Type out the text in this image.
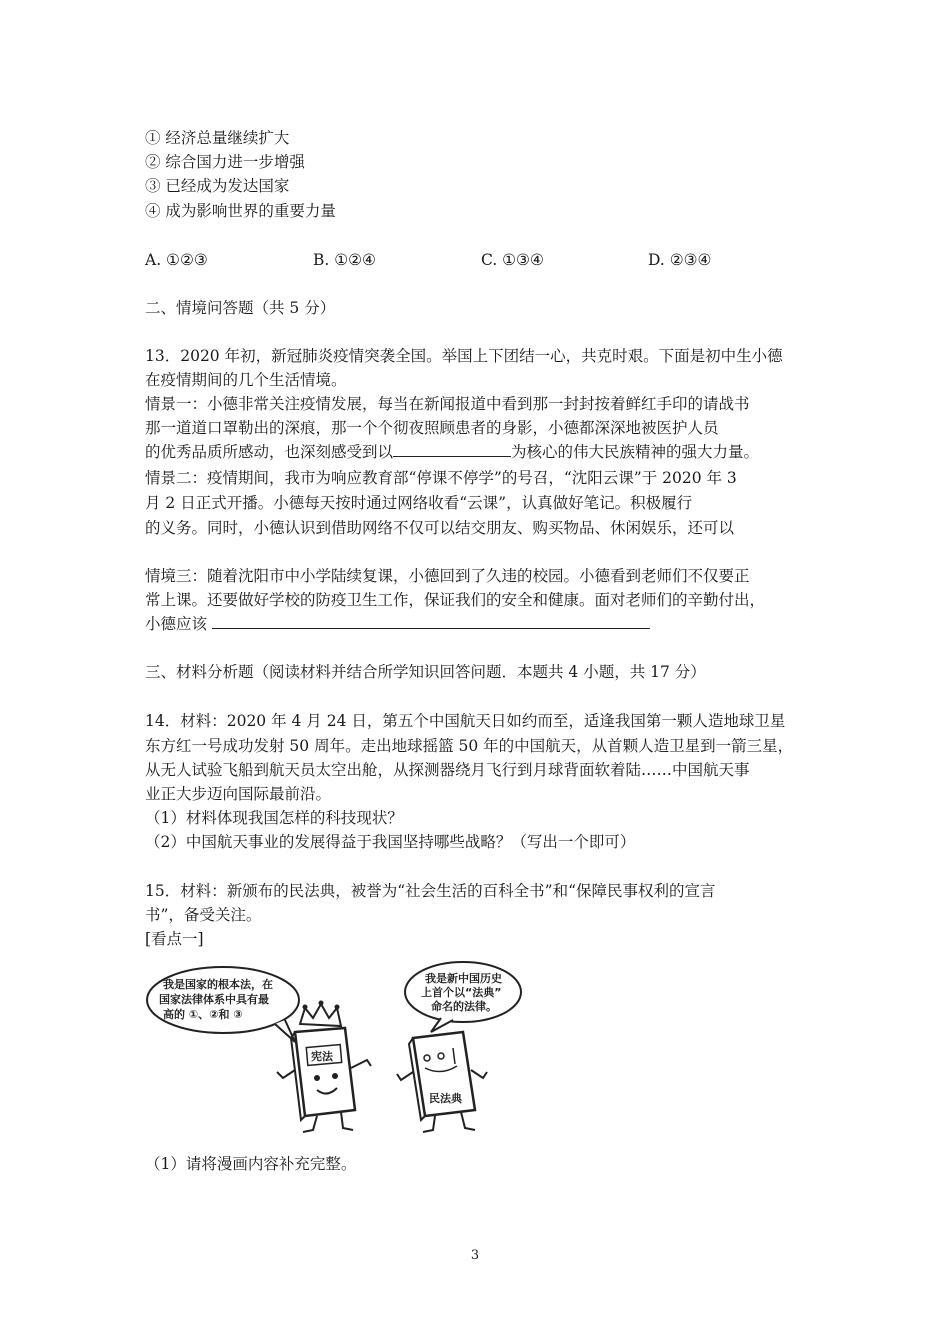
① 经济总量继续扩大
② 综合国力进一步增强
③ 已经成为发达国家
④ 成为影响世界的重要力量
A. ①②③	B. ①②④	C. ①③④	D. ②③④
二、情境问答题（共 5 分）
13．2020 年初，新冠肺炎疫情突袭全国。举国上下团结一心，共克时艰。下面是初中生小德
在疫情期间的几个生活情境。
情景一：小德非常关注疫情发展，每当在新闻报道中看到那一封封按着鲜红手印的请战书
那一道道口罩勒出的深痕，那一个个彻夜照顾患者的身影，小德都深深地被医护人员
的优秀品质所感动，也深刻感受到以	为核心的伟大民族精神的强大力量。
情景二：疫情期间，我市为响应教育部“停课不停学”的号召，“沈阳云课”于 2020 年 3
月 2 日正式开播。小德每天按时通过网络收看“云课”，认真做好笔记。积极履行
的义务。同时，小德认识到借助网络不仅可以结交朋友、购买物品、休闲娱乐，还可以
情境三：随着沈阳市中小学陆续复课，小德回到了久违的校园。小德看到老师们不仅要正
常上课。还要做好学校的防疫卫生工作，保证我们的安全和健康。面对老师们的辛勤付出，
小德应该
三、材料分析题（阅读材料并结合所学知识回答问题．本题共 4 小题，共 17 分）
14．材料：2020 年 4 月 24 日，第五个中国航天日如约而至，适逢我国第一颗人造地球卫星
东方红一号成功发射 50 周年。走出地球摇篮 50 年的中国航天，从首颗人造卫星到一箭三星，
从无人试验飞船到航天员太空出舱，从探测器绕月飞行到月球背面软着陆……中国航天事
业正大步迈向国际最前沿。
（1）材料体现我国怎样的科技现状？
（2）中国航天事业的发展得益于我国坚持哪些战略？（写出一个即可）
15．材料：新颁布的民法典，被誉为“社会生活的百科全书”和“保障民事权利的宣言
书”，备受关注。
[看点一]
我是国家的根本法，在
国家法律体系中具有最
高的 ①、②和 ③
宪法
我是新中国历史
上首个以“法典”
命名的法律。
民法典
（1）请将漫画内容补充完整。
3
